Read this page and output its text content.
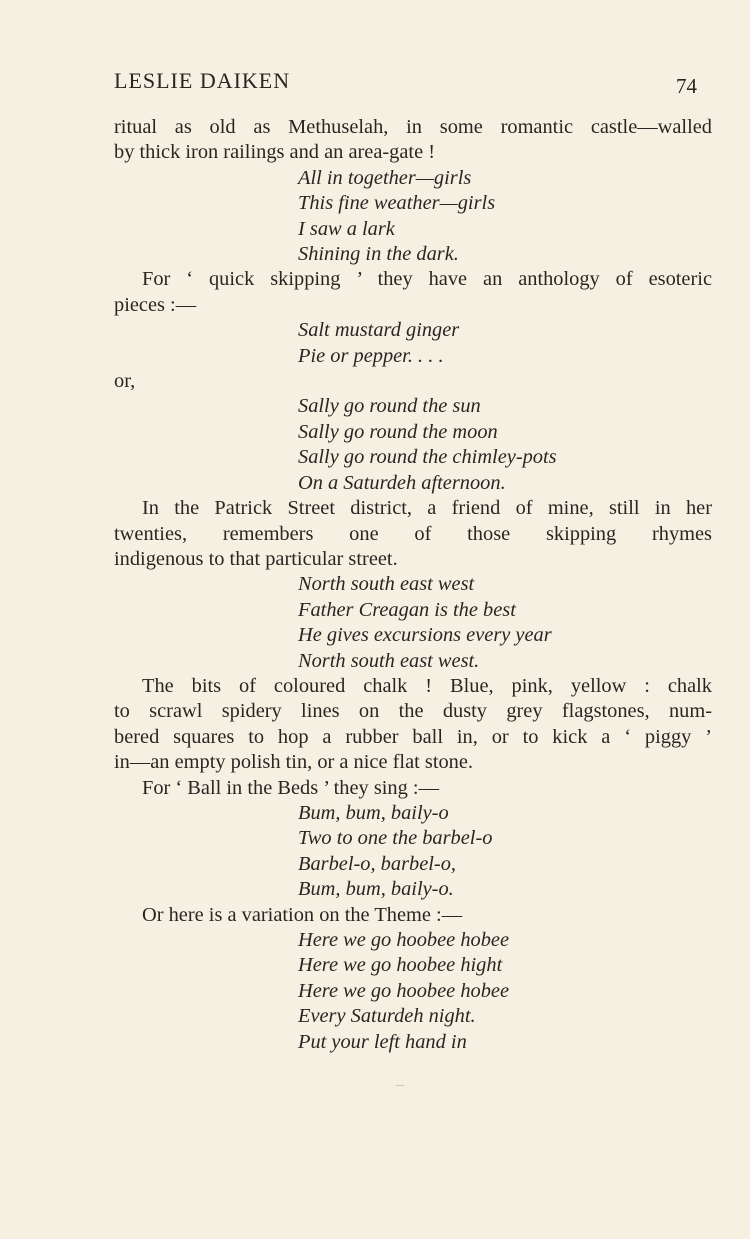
LESLIE DAIKEN	74

ritual as old as Methuselah, in some romantic castle—walled
by thick iron railings and an area-gate !

All in together—girls
This fine weather—girls
I saw a lark
Shining in the dark.

For ‘ quick skipping ’ they have an anthology of esoteric
pieces :—

Salt mustard ginger
Pie or pepper. . . .

or,

Sally go round the sun
Sally go round the moon
Sally go round the chimley-pots
On a Saturdeh afternoon.

In the Patrick Street district, a friend of mine, still in her
twenties, remembers one of those skipping rhymes
indigenous to that particular street.

North south east west
Father Creagan is the best
He gives excursions every year
North south east west.

The bits of coloured chalk ! Blue, pink, yellow : chalk
to scrawl spidery lines on the dusty grey flagstones, num-
bered squares to hop a rubber ball in, or to kick a ‘ piggy ’
in—an empty polish tin, or a nice flat stone.

For ‘ Ball in the Beds ’ they sing :—

Bum, bum, baily-o
Two to one the barbel-o
Barbel-o, barbel-o,
Bum, bum, baily-o.

Or here is a variation on the Theme :—

Here we go hoobee hobee
Here we go hoobee hight
Here we go hoobee hobee
Every Saturdeh night.
Put your left hand in
